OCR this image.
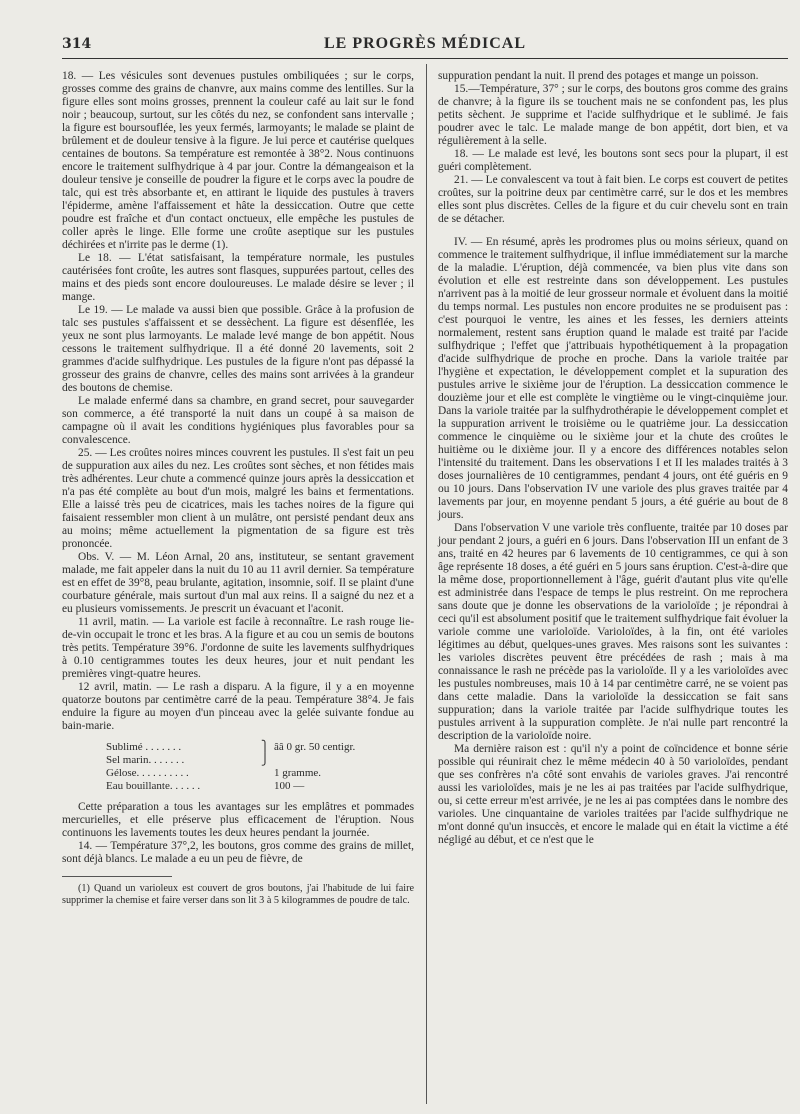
314	LE PROGRÈS MÉDICAL

18. — Les vésicules sont devenues pustules ombiliquées ; sur le corps, grosses comme des grains de chanvre, aux mains comme des lentilles. Sur la figure elles sont moins grosses, prennent la couleur café au lait sur le fond noir ; beaucoup, surtout, sur les côtés du nez, se confondent sans intervalle ; la figure est boursouflée, les yeux fermés, larmoyants; le malade se plaint de brûlement et de douleur tensive à la figure. Je lui perce et cautérise quelques centaines de boutons. Sa température est remontée à 38°2. Nous continuons encore le traitement sulfhydrique à 4 par jour. Contre la démangeaison et la douleur tensive je conseille de poudrer la figure et le corps avec la poudre de talc, qui est très absorbante et, en attirant le liquide des pustules à travers l'épiderme, amène l'affaissement et hâte la dessiccation. Outre que cette poudre est fraîche et d'un contact onctueux, elle empêche les pustules de coller après le linge. Elle forme une croûte aseptique sur les pustules déchirées et n'irrite pas le derme (1).

Le 18. — L'état satisfaisant, la température normale, les pustules cautérisées font croûte, les autres sont flasques, suppurées partout, celles des mains et des pieds sont encore douloureuses. Le malade désire se lever ; il mange.

Le 19. — Le malade va aussi bien que possible. Grâce à la profusion de talc ses pustules s'affaissent et se dessèchent. La figure est désenflée, les yeux ne sont plus larmoyants. Le malade levé mange de bon appétit. Nous cessons le traitement sulfhydrique. Il a été donné 20 lavements, soit 2 grammes d'acide sulfhydrique. Les pustules de la figure n'ont pas dépassé la grosseur des grains de chanvre, celles des mains sont arrivées à la grandeur des boutons de chemise.

Le malade enfermé dans sa chambre, en grand secret, pour sauvegarder son commerce, a été transporté la nuit dans un coupé à sa maison de campagne où il avait les conditions hygiéniques plus favorables pour sa convalescence.

25. — Les croûtes noires minces couvrent les pustules. Il s'est fait un peu de suppuration aux ailes du nez. Les croûtes sont sèches, et non fétides mais très adhérentes. Leur chute a commencé quinze jours après la dessiccation et n'a pas été complète au bout d'un mois, malgré les bains et fermentations. Elle a laissé très peu de cicatrices, mais les taches noires de la figure qui faisaient ressembler mon client à un mulâtre, ont persisté pendant deux ans au moins; même actuellement la pigmentation de sa figure est très prononcée.

Obs. V. — M. Léon Arnal, 20 ans, instituteur, se sentant gravement malade, me fait appeler dans la nuit du 10 au 11 avril dernier. Sa température est en effet de 39°8, peau brulante, agitation, insomnie, soif. Il se plaint d'une courbature générale, mais surtout d'un mal aux reins. Il a saigné du nez et a eu plusieurs vomissements. Je prescrit un évacuant et l'aconit.

11 avril, matin. — La variole est facile à reconnaître. Le rash rouge lie-de-vin occupait le tronc et les bras. A la figure et au cou un semis de boutons très petits. Température 39°6. J'ordonne de suite les lavements sulfhydriques à 0.10 centigrammes toutes les deux heures, jour et nuit pendant les premières vingt-quatre heures.

12 avril, matin. — Le rash a disparu. A la figure, il y a en moyenne quatorze boutons par centimètre carré de la peau. Température 38°4. Je fais enduire la figure au moyen d'un pinceau avec la gelée suivante fondue au bain-marie.

Sublimé . . . . . . .	⎫ ââ 0 gr. 50 centigr.
Sel marin. . . . . . .	⎭
Gélose. . . . . . . . . .	1 gramme.
Eau bouillante. . . . . .	100 —

Cette préparation a tous les avantages sur les emplâtres et pommades mercurielles, et elle préserve plus efficacement de l'éruption. Nous continuons les lavements toutes les deux heures pendant la journée.

14. — Température 37°,2, les boutons, gros comme des grains de millet, sont déjà blancs. Le malade a eu un peu de fièvre, de

(1) Quand un varioleux est couvert de gros boutons, j'ai l'habitude de lui faire supprimer la chemise et faire verser dans son lit 3 à 5 kilogrammes de poudre de talc.

suppuration pendant la nuit. Il prend des potages et mange un poisson.

15.—Température, 37° ; sur le corps, des boutons gros comme des grains de chanvre; à la figure ils se touchent mais ne se confondent pas, les plus petits sèchent. Je supprime et l'acide sulfhydrique et le sublimé. Je fais poudrer avec le talc. Le malade mange de bon appétit, dort bien, et va régulièrement à la selle.

18. — Le malade est levé, les boutons sont secs pour la plupart, il est guéri complètement.

21. — Le convalescent va tout à fait bien. Le corps est couvert de petites croûtes, sur la poitrine deux par centimètre carré, sur le dos et les membres elles sont plus discrètes. Celles de la figure et du cuir chevelu sont en train de se détacher.

IV. — En résumé, après les prodromes plus ou moins sérieux, quand on commence le traitement sulfhydrique, il influe immédiatement sur la marche de la maladie. L'éruption, déjà commencée, va bien plus vite dans son évolution et elle est restreinte dans son développement. Les pustules n'arrivent pas à la moitié de leur grosseur normale et évoluent dans la moitié du temps normal. Les pustules non encore produites ne se produisent pas : c'est pourquoi le ventre, les aines et les fesses, les derniers atteints normalement, restent sans éruption quand le malade est traité par l'acide sulfhydrique ; l'effet que j'attribuais hypothétiquement à la propagation d'acide sulfhydrique de proche en proche. Dans la variole traitée par l'hygiène et expectation, le développement complet et la supuration des pustules arrive le sixième jour de l'éruption. La dessiccation commence le douzième jour et elle est complète le vingtième ou le vingt-cinquième jour. Dans la variole traitée par la sulfhydrothérapie le développement complet et la suppuration arrivent le troisième ou le quatrième jour. La dessiccation commence le cinquième ou le sixième jour et la chute des croûtes le huitième ou le dixième jour. Il y a encore des différences notables selon l'intensité du traitement. Dans les observations I et II les malades traités à 3 doses journalières de 10 centigrammes, pendant 4 jours, ont été guéris en 9 ou 10 jours. Dans l'observation IV une variole des plus graves traitée par 4 lavements par jour, en moyenne pendant 5 jours, a été guérie au bout de 8 jours.

Dans l'observation V une variole très confluente, traitée par 10 doses par jour pendant 2 jours, a guéri en 6 jours. Dans l'observation III un enfant de 3 ans, traité en 42 heures par 6 lavements de 10 centigrammes, ce qui à son âge représente 18 doses, a été guéri en 5 jours sans éruption. C'est-à-dire que la même dose, proportionnellement à l'âge, guérit d'autant plus vite qu'elle est administrée dans l'espace de temps le plus restreint. On me reprochera sans doute que je donne les observations de la varioloïde ; je répondrai à ceci qu'il est absolument positif que le traitement sulfhydrique fait évoluer la variole comme une varioloïde. Varioloïdes, à la fin, ont été varioles légitimes au début, quelques-unes graves. Mes raisons sont les suivantes : les varioles discrètes peuvent être précédées de rash ; mais à ma connaissance le rash ne précède pas la varioloïde. Il y a les varioloïdes avec les pustules nombreuses, mais 10 à 14 par centimètre carré, ne se voient pas dans cette maladie. Dans la varioloïde la dessiccation se fait sans suppuration; dans la variole traitée par l'acide sulfhydrique toutes les pustules arrivent à la suppuration complète. Je n'ai nulle part rencontré la description de la varioloïde noire.

Ma dernière raison est : qu'il n'y a point de coïncidence et bonne série possible qui réunirait chez le même médecin 40 à 50 varioloïdes, pendant que ses confrères n'a côté sont envahis de varioles graves. J'ai rencontré aussi les varioloïdes, mais je ne les ai pas traitées par l'acide sulfhydrique, ou, si cette erreur m'est arrivée, je ne les ai pas comptées dans le nombre des varioles. Une cinquantaine de varioles traitées par l'acide sulfhydrique ne m'ont donné qu'un insuccès, et encore le malade qui en était la victime a été négligé au début, et ce n'est que le
